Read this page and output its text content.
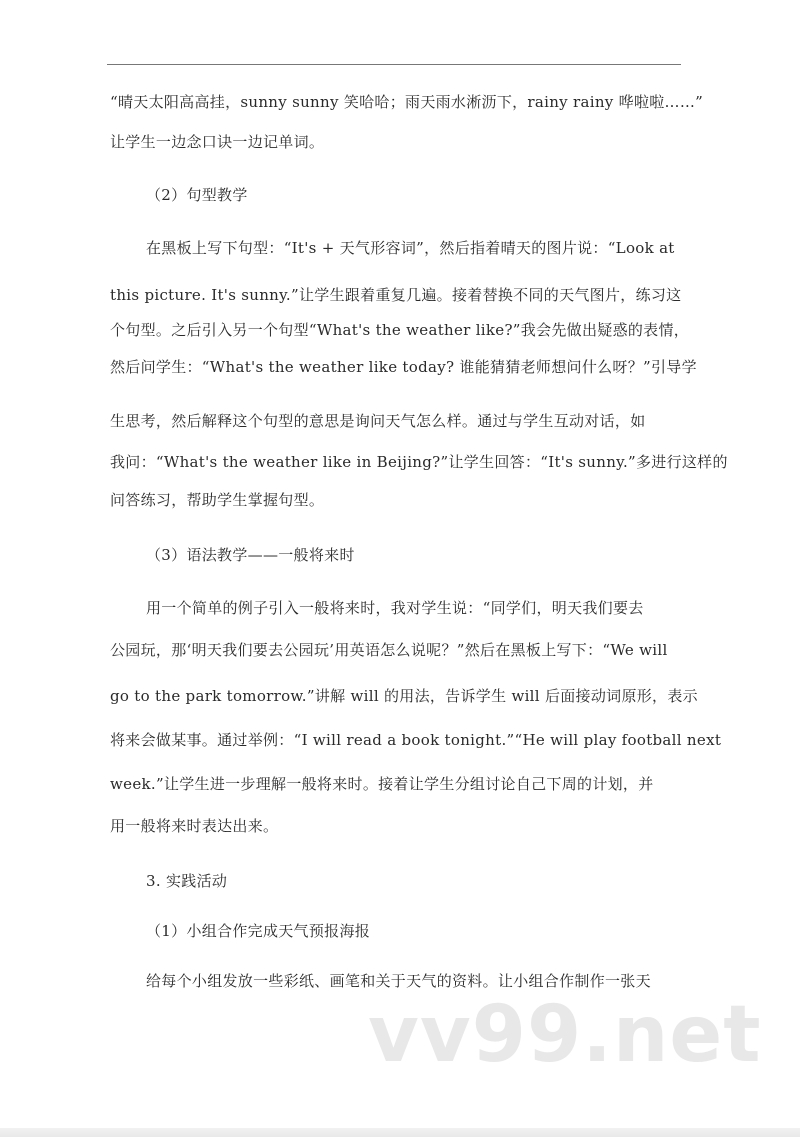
“晴天太阳高高挂，sunny sunny 笑哈哈；雨天雨水淅沥下，rainy rainy 哗啦啦……”
让学生一边念口诀一边记单词。
（2）句型教学
在黑板上写下句型：“It's + 天气形容词”，然后指着晴天的图片说：“Look at
this picture. It's sunny.”让学生跟着重复几遍。接着替换不同的天气图片，练习这
个句型。之后引入另一个句型“What's the weather like?”我会先做出疑惑的表情，
然后问学生：“What's the weather like today? 谁能猜猜老师想问什么呀？”引导学
生思考，然后解释这个句型的意思是询问天气怎么样。通过与学生互动对话，如
我问：“What's the weather like in Beijing?”让学生回答：“It's sunny.”多进行这样的
问答练习，帮助学生掌握句型。
（3）语法教学——一般将来时
用一个简单的例子引入一般将来时，我对学生说：“同学们，明天我们要去
公园玩，那‘明天我们要去公园玩’用英语怎么说呢？”然后在黑板上写下：“We will
go to the park tomorrow.”讲解 will 的用法，告诉学生 will 后面接动词原形，表示
将来会做某事。通过举例：“I will read a book tonight.”“He will play football next
week.”让学生进一步理解一般将来时。接着让学生分组讨论自己下周的计划，并
用一般将来时表达出来。
3. 实践活动
（1）小组合作完成天气预报海报
给每个小组发放一些彩纸、画笔和关于天气的资料。让小组合作制作一张天
vv99.net
